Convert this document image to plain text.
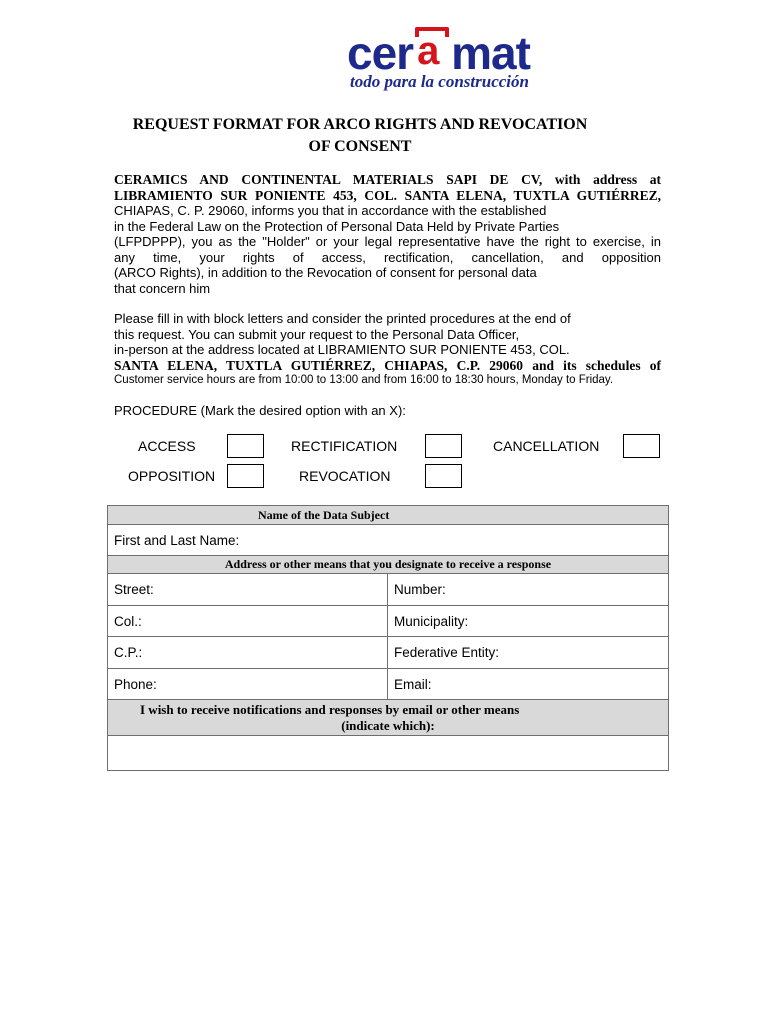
cer a mat
todo para la construcción
REQUEST FORMAT FOR ARCO RIGHTS AND REVOCATION
OF CONSENT
CERAMICS AND CONTINENTAL MATERIALS SAPI DE CV, with address at
LIBRAMIENTO SUR PONIENTE 453, COL. SANTA ELENA, TUXTLA GUTIÉRREZ,
CHIAPAS, C. P. 29060, informs you that in accordance with the established
in the Federal Law on the Protection of Personal Data Held by Private Parties
(LFPDPPP), you as the "Holder" or your legal representative have the right to exercise, in
any time, your rights of access, rectification, cancellation, and opposition
(ARCO Rights), in addition to the Revocation of consent for personal data
that concern him
Please fill in with block letters and consider the printed procedures at the end of
this request. You can submit your request to the Personal Data Officer,
in-person at the address located at LIBRAMIENTO SUR PONIENTE 453, COL.
SANTA ELENA, TUXTLA GUTIÉRREZ, CHIAPAS, C.P. 29060 and its schedules of
Customer service hours are from 10:00 to 13:00 and from 16:00 to 18:30 hours, Monday to Friday.
PROCEDURE (Mark the desired option with an X):
ACCESS	RECTIFICATION	CANCELLATION
OPPOSITION	REVOCATION
Name of the Data Subject	
First and Last Name:	
Address or other means that you designate to receive a response	
Street:	Number:
Col.:	Municipality:
C.P.:	Federative Entity:
Phone:	Email:

I wish to receive notifications and responses by email or other means
(indicate which):	
